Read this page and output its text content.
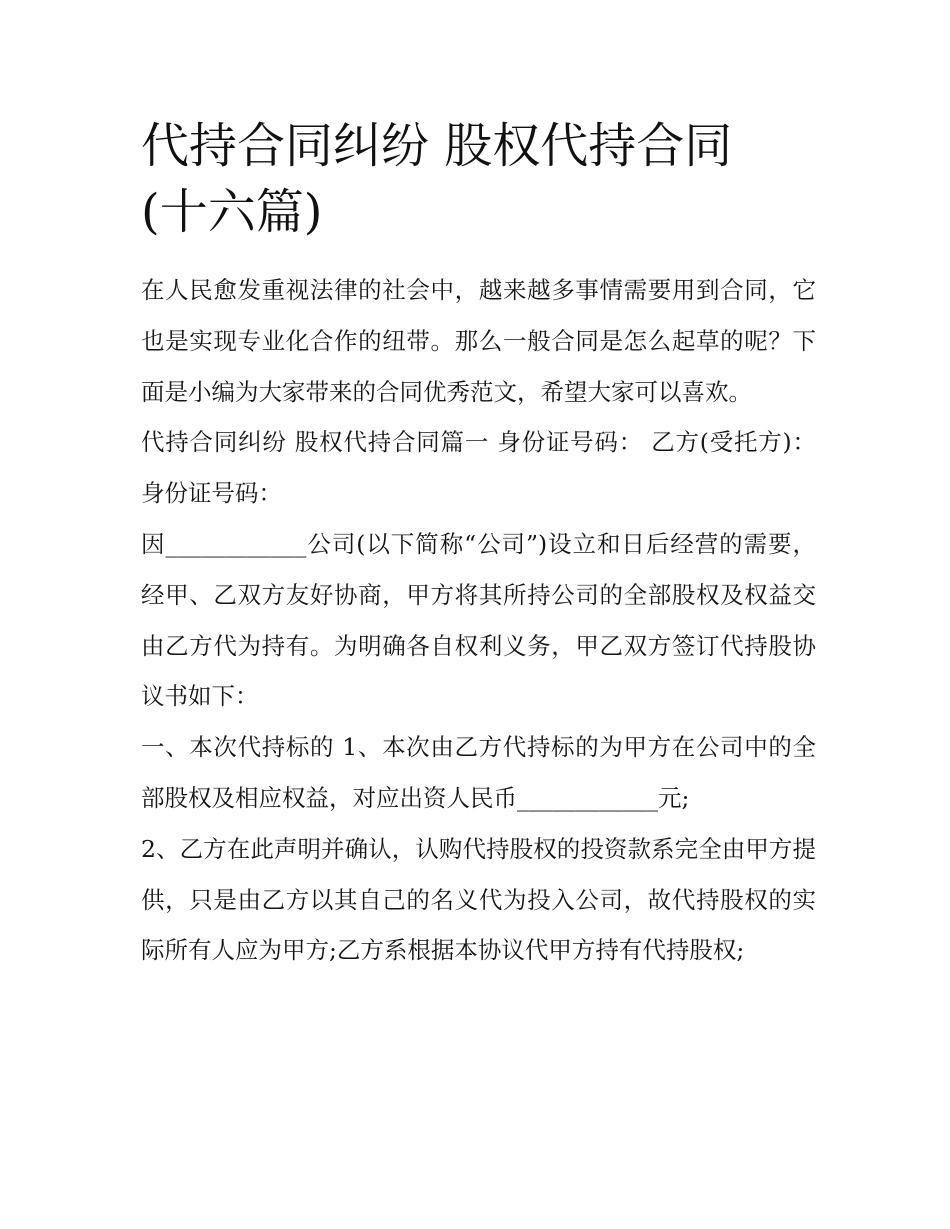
代持合同纠纷 股权代持合同
(十六篇)

在人民愈发重视法律的社会中，越来越多事情需要用到合同，它也是实现专业化合作的纽带。那么一般合同是怎么起草的呢？下面是小编为大家带来的合同优秀范文，希望大家可以喜欢。

代持合同纠纷 股权代持合同篇一 身份证号码： 乙方(受托方)： 身份证号码：

因____________公司(以下简称“公司”)设立和日后经营的需要，经甲、乙双方友好协商，甲方将其所持公司的全部股权及权益交由乙方代为持有。为明确各自权利义务，甲乙双方签订代持股协议书如下：

一、本次代持标的 1、本次由乙方代持标的为甲方在公司中的全部股权及相应权益，对应出资人民币____________元;

2、乙方在此声明并确认，认购代持股权的投资款系完全由甲方提供，只是由乙方以其自己的名义代为投入公司，故代持股权的实际所有人应为甲方;乙方系根据本协议代甲方持有代持股权;
